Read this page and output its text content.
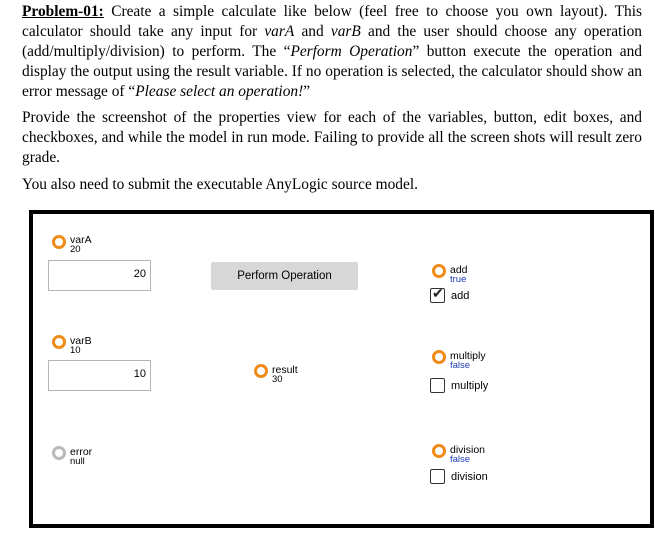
Problem-01: Create a simple calculate like below (feel free to choose you own layout). This calculator should take any input for varA and varB and the user should choose any operation (add/multiply/division) to perform. The “Perform Operation” button execute the operation and display the output using the result variable. If no operation is selected, the calculator should show an error message of “Please select an operation!”

Provide the screenshot of the properties view for each of the variables, button, edit boxes, and checkboxes, and while the model in run mode. Failing to provide all the screen shots will result zero grade.

You also need to submit the executable AnyLogic source model.

varA
20
20
varB
10
10
error
null
Perform Operation
result
30
add
true
✔ add
multiply
false
multiply
division
false
division
